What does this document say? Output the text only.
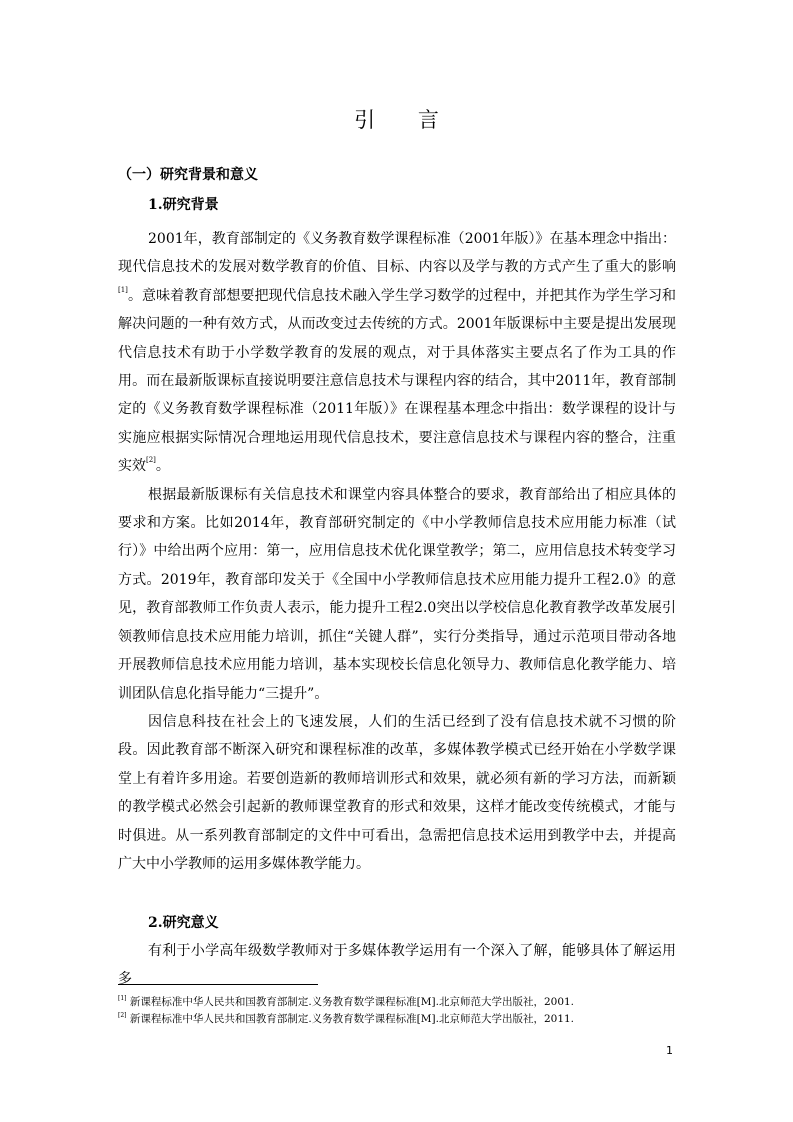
引 言
（一）研究背景和意义
1.研究背景

2001年，教育部制定的《义务教育数学课程标准（2001年版）》在基本理念中指出：现代信息技术的发展对数学教育的价值、目标、内容以及学与教的方式产生了重大的影响[1]。意味着教育部想要把现代信息技术融入学生学习数学的过程中，并把其作为学生学习和解决问题的一种有效方式，从而改变过去传统的方式。2001年版课标中主要是提出发展现代信息技术有助于小学数学教育的发展的观点，对于具体落实主要点名了作为工具的作用。而在最新版课标直接说明要注意信息技术与课程内容的结合，其中2011年，教育部制定的《义务教育数学课程标准（2011年版）》在课程基本理念中指出：数学课程的设计与实施应根据实际情况合理地运用现代信息技术，要注意信息技术与课程内容的整合，注重实效[2]。

根据最新版课标有关信息技术和课堂内容具体整合的要求，教育部给出了相应具体的要求和方案。比如2014年，教育部研究制定的《中小学教师信息技术应用能力标准（试行）》中给出两个应用：第一，应用信息技术优化课堂教学；第二，应用信息技术转变学习方式。2019年，教育部印发关于《全国中小学教师信息技术应用能力提升工程2.0》的意见，教育部教师工作负责人表示，能力提升工程2.0突出以学校信息化教育教学改革发展引领教师信息技术应用能力培训，抓住“关键人群”，实行分类指导，通过示范项目带动各地开展教师信息技术应用能力培训，基本实现校长信息化领导力、教师信息化教学能力、培训团队信息化指导能力“三提升”。

因信息科技在社会上的飞速发展，人们的生活已经到了没有信息技术就不习惯的阶段。因此教育部不断深入研究和课程标准的改革，多媒体教学模式已经开始在小学数学课堂上有着许多用途。若要创造新的教师培训形式和效果，就必须有新的学习方法，而新颖的教学模式必然会引起新的教师课堂教育的形式和效果，这样才能改变传统模式，才能与时俱进。从一系列教育部制定的文件中可看出，急需把信息技术运用到教学中去，并提高广大中小学教师的运用多媒体教学能力。

2.研究意义

有利于小学高年级数学教师对于多媒体教学运用有一个深入了解，能够具体了解运用多

[1] 新课程标准中华人民共和国教育部制定.义务教育数学课程标准[M].北京师范大学出版社，2001.
[2] 新课程标准中华人民共和国教育部制定.义务教育数学课程标准[M].北京师范大学出版社，2011.
1
